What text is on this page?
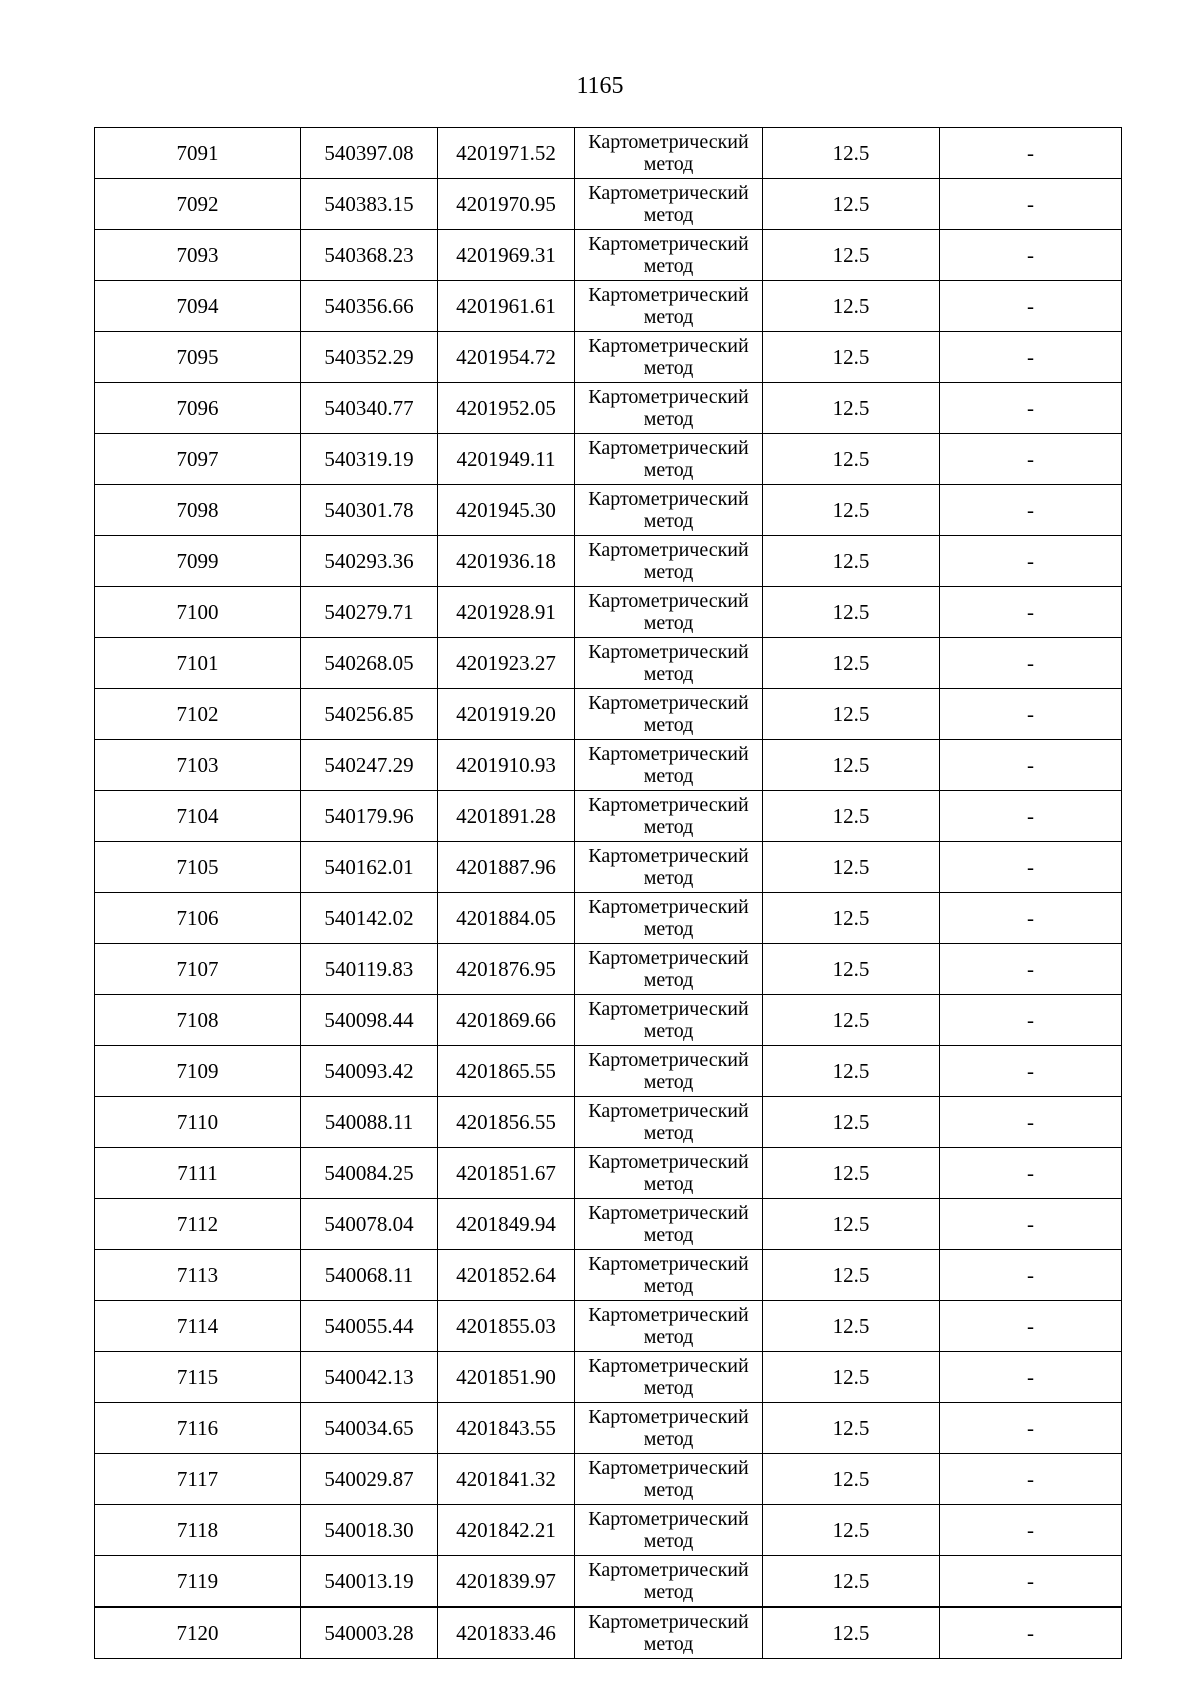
1165
7091	540397.08	4201971.52	Картометрический
метод	12.5	-
7092	540383.15	4201970.95	Картометрический
метод	12.5	-
7093	540368.23	4201969.31	Картометрический
метод	12.5	-
7094	540356.66	4201961.61	Картометрический
метод	12.5	-
7095	540352.29	4201954.72	Картометрический
метод	12.5	-
7096	540340.77	4201952.05	Картометрический
метод	12.5	-
7097	540319.19	4201949.11	Картометрический
метод	12.5	-
7098	540301.78	4201945.30	Картометрический
метод	12.5	-
7099	540293.36	4201936.18	Картометрический
метод	12.5	-
7100	540279.71	4201928.91	Картометрический
метод	12.5	-
7101	540268.05	4201923.27	Картометрический
метод	12.5	-
7102	540256.85	4201919.20	Картометрический
метод	12.5	-
7103	540247.29	4201910.93	Картометрический
метод	12.5	-
7104	540179.96	4201891.28	Картометрический
метод	12.5	-
7105	540162.01	4201887.96	Картометрический
метод	12.5	-
7106	540142.02	4201884.05	Картометрический
метод	12.5	-
7107	540119.83	4201876.95	Картометрический
метод	12.5	-
7108	540098.44	4201869.66	Картометрический
метод	12.5	-
7109	540093.42	4201865.55	Картометрический
метод	12.5	-
7110	540088.11	4201856.55	Картометрический
метод	12.5	-
7111	540084.25	4201851.67	Картометрический
метод	12.5	-
7112	540078.04	4201849.94	Картометрический
метод	12.5	-
7113	540068.11	4201852.64	Картометрический
метод	12.5	-
7114	540055.44	4201855.03	Картометрический
метод	12.5	-
7115	540042.13	4201851.90	Картометрический
метод	12.5	-
7116	540034.65	4201843.55	Картометрический
метод	12.5	-
7117	540029.87	4201841.32	Картометрический
метод	12.5	-
7118	540018.30	4201842.21	Картометрический
метод	12.5	-
7119	540013.19	4201839.97	Картометрический
метод	12.5	-
7120	540003.28	4201833.46	Картометрический
метод	12.5	-
